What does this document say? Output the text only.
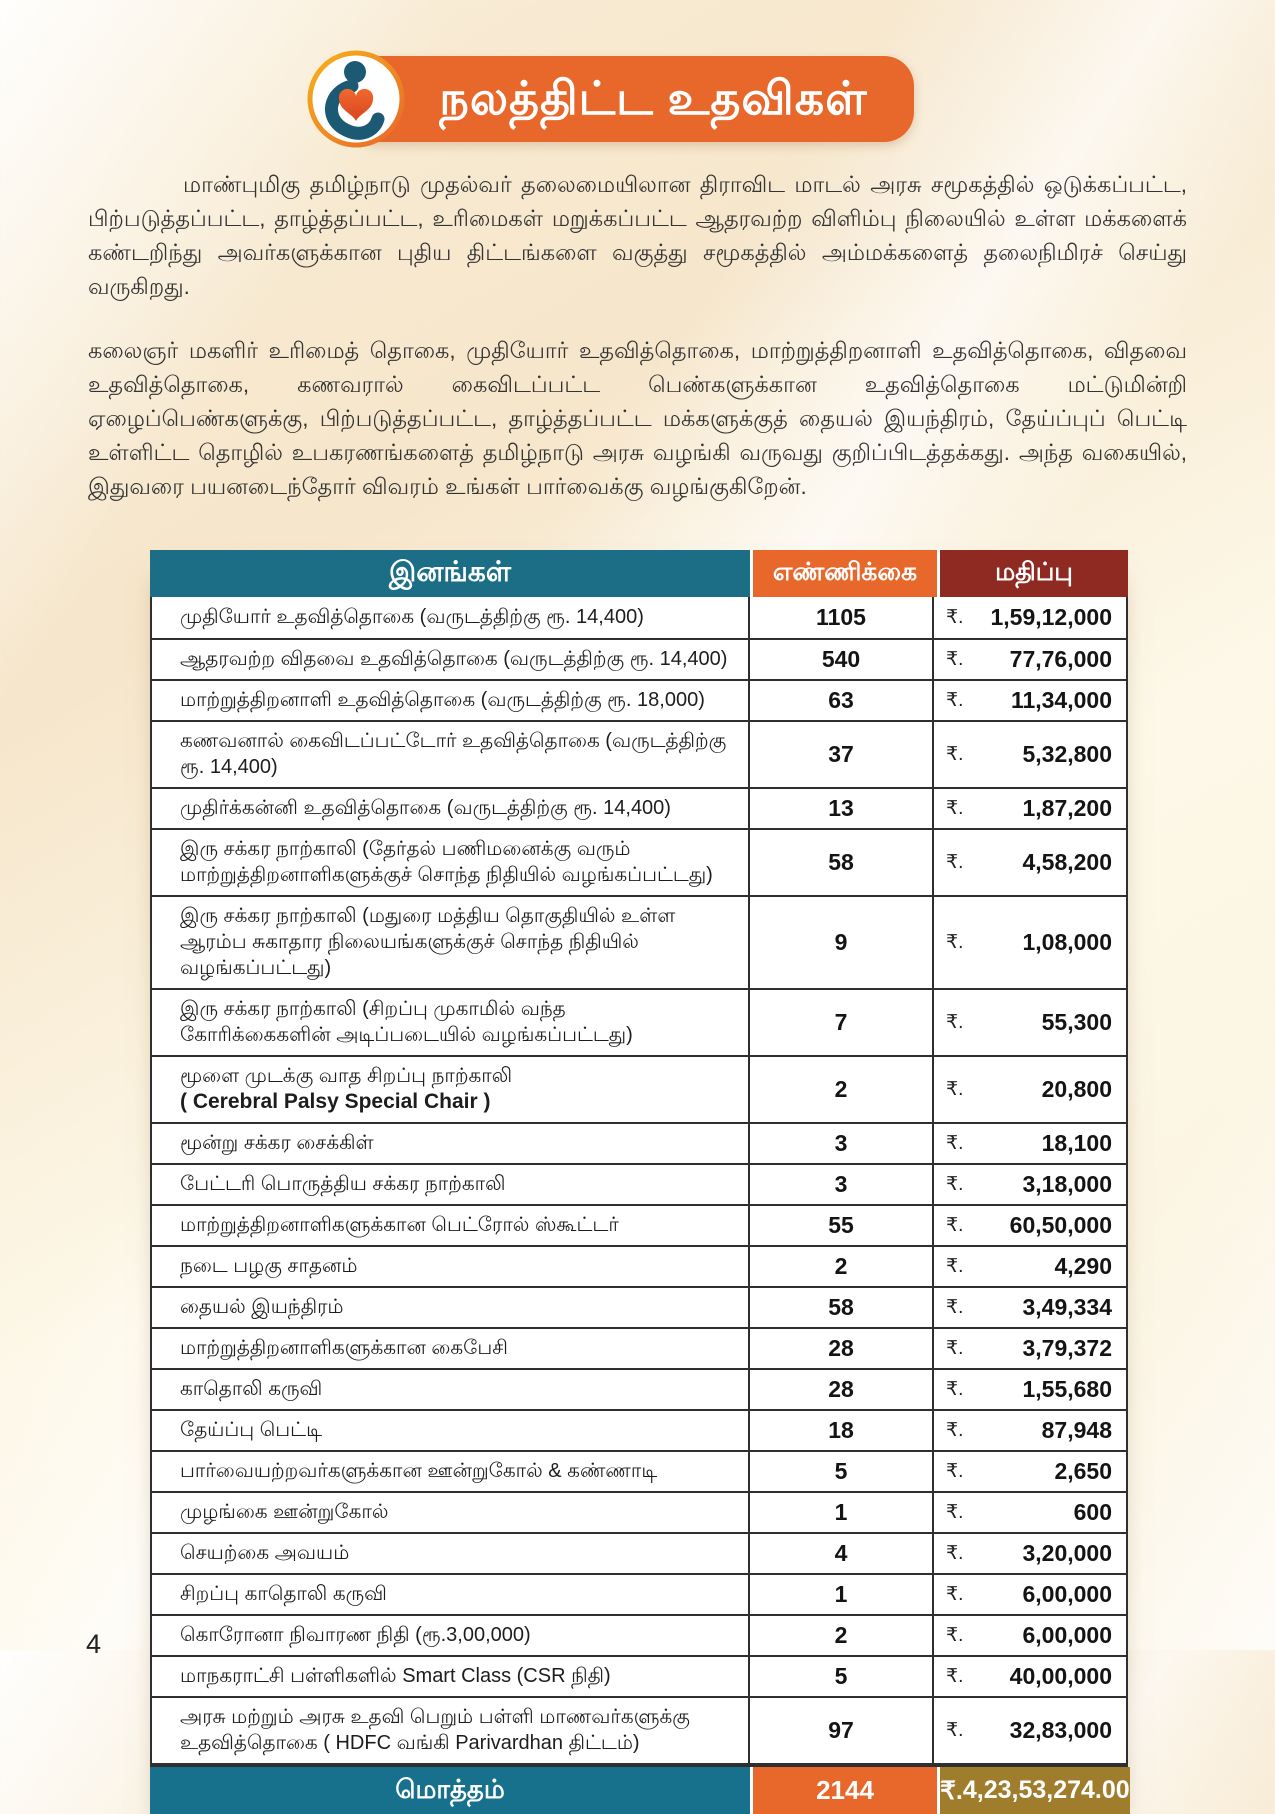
நலத்திட்ட உதவிகள்

மாண்புமிகு தமிழ்நாடு முதல்வர் தலைமையிலான திராவிட மாடல் அரசு சமூகத்தில் ஒடுக்கப்பட்ட, பிற்படுத்தப்பட்ட, தாழ்த்தப்பட்ட, உரிமைகள் மறுக்கப்பட்ட ஆதரவற்ற விளிம்பு நிலையில் உள்ள மக்களைக் கண்டறிந்து அவர்களுக்கான புதிய திட்டங்களை வகுத்து சமூகத்தில் அம்மக்களைத் தலைநிமிரச் செய்து வருகிறது.

கலைஞர் மகளிர் உரிமைத் தொகை, முதியோர் உதவித்தொகை, மாற்றுத்திறனாளி உதவித்தொகை, விதவை உதவித்தொகை, கணவரால் கைவிடப்பட்ட பெண்களுக்கான உதவித்தொகை மட்டுமின்றி ஏழைப்பெண்களுக்கு, பிற்படுத்தப்பட்ட, தாழ்த்தப்பட்ட மக்களுக்குத் தையல் இயந்திரம், தேய்ப்புப் பெட்டி உள்ளிட்ட தொழில் உபகரணங்களைத் தமிழ்நாடு அரசு வழங்கி வருவது குறிப்பிடத்தக்கது. அந்த வகையில், இதுவரை பயனடைந்தோர் விவரம் உங்கள் பார்வைக்கு வழங்குகிறேன்.

இனங்கள்	எண்ணிக்கை	மதிப்பு
முதியோர் உதவித்தொகை (வருடத்திற்கு ரூ. 14,400)	1105	₹. 1,59,12,000
ஆதரவற்ற விதவை உதவித்தொகை (வருடத்திற்கு ரூ. 14,400)	540	₹. 77,76,000
மாற்றுத்திறனாளி உதவித்தொகை (வருடத்திற்கு ரூ. 18,000)	63	₹. 11,34,000
கணவனால் கைவிடப்பட்டோர் உதவித்தொகை (வருடத்திற்கு ரூ. 14,400)	37	₹.	5,32,800
முதிர்க்கன்னி உதவித்தொகை (வருடத்திற்கு ரூ. 14,400)	13	₹.	1,87,200
இரு சக்கர நாற்காலி (தேர்தல் பணிமனைக்கு வரும்
மாற்றுத்திறனாளிகளுக்குச் சொந்த நிதியில் வழங்கப்பட்டது)	58	₹.	4,58,200
இரு சக்கர நாற்காலி (மதுரை மத்திய தொகுதியில் உள்ள
ஆரம்ப சுகாதார நிலையங்களுக்குச் சொந்த நிதியில் வழங்கப்பட்டது)
9	₹.	1,08,000
இரு சக்கர நாற்காலி (சிறப்பு முகாமில் வந்த
கோரிக்கைகளின் அடிப்படையில் வழங்கப்பட்டது)	7	₹.	55,300
மூளை முடக்கு வாத சிறப்பு நாற்காலி
( Cerebral Palsy Special Chair )	2	₹.	20,800
மூன்று சக்கர சைக்கிள்	3	₹.	18,100
பேட்டரி பொருத்திய சக்கர நாற்காலி	3	₹.	3,18,000
மாற்றுத்திறனாளிகளுக்கான பெட்ரோல் ஸ்கூட்டர்	55	₹. 60,50,000
நடை பழகு சாதனம்	2	₹.	4,290
தையல் இயந்திரம்	58	₹.	3,49,334
மாற்றுத்திறனாளிகளுக்கான கைபேசி	28	₹.	3,79,372
காதொலி கருவி	28	₹.	1,55,680
தேய்ப்பு பெட்டி	18	₹.	87,948
பார்வையற்றவர்களுக்கான ஊன்றுகோல் & கண்ணாடி	5	₹.	2,650
முழங்கை ஊன்றுகோல்	1	₹.	600
செயற்கை அவயம்	4	₹.	3,20,000
சிறப்பு காதொலி கருவி	1	₹.	6,00,000
கொரோனா நிவாரண நிதி (ரூ.3,00,000)	2	₹.	6,00,000
மாநகராட்சி பள்ளிகளில் Smart Class (CSR நிதி)	5	₹. 40,00,000
அரசு மற்றும் அரசு உதவி பெறும் பள்ளி மாணவர்களுக்கு
உதவித்தொகை ( HDFC வங்கி Parivardhan திட்டம்)	97	₹. 32,83,000
மொத்தம்	2144	₹. 4,23,53,274.00
4
